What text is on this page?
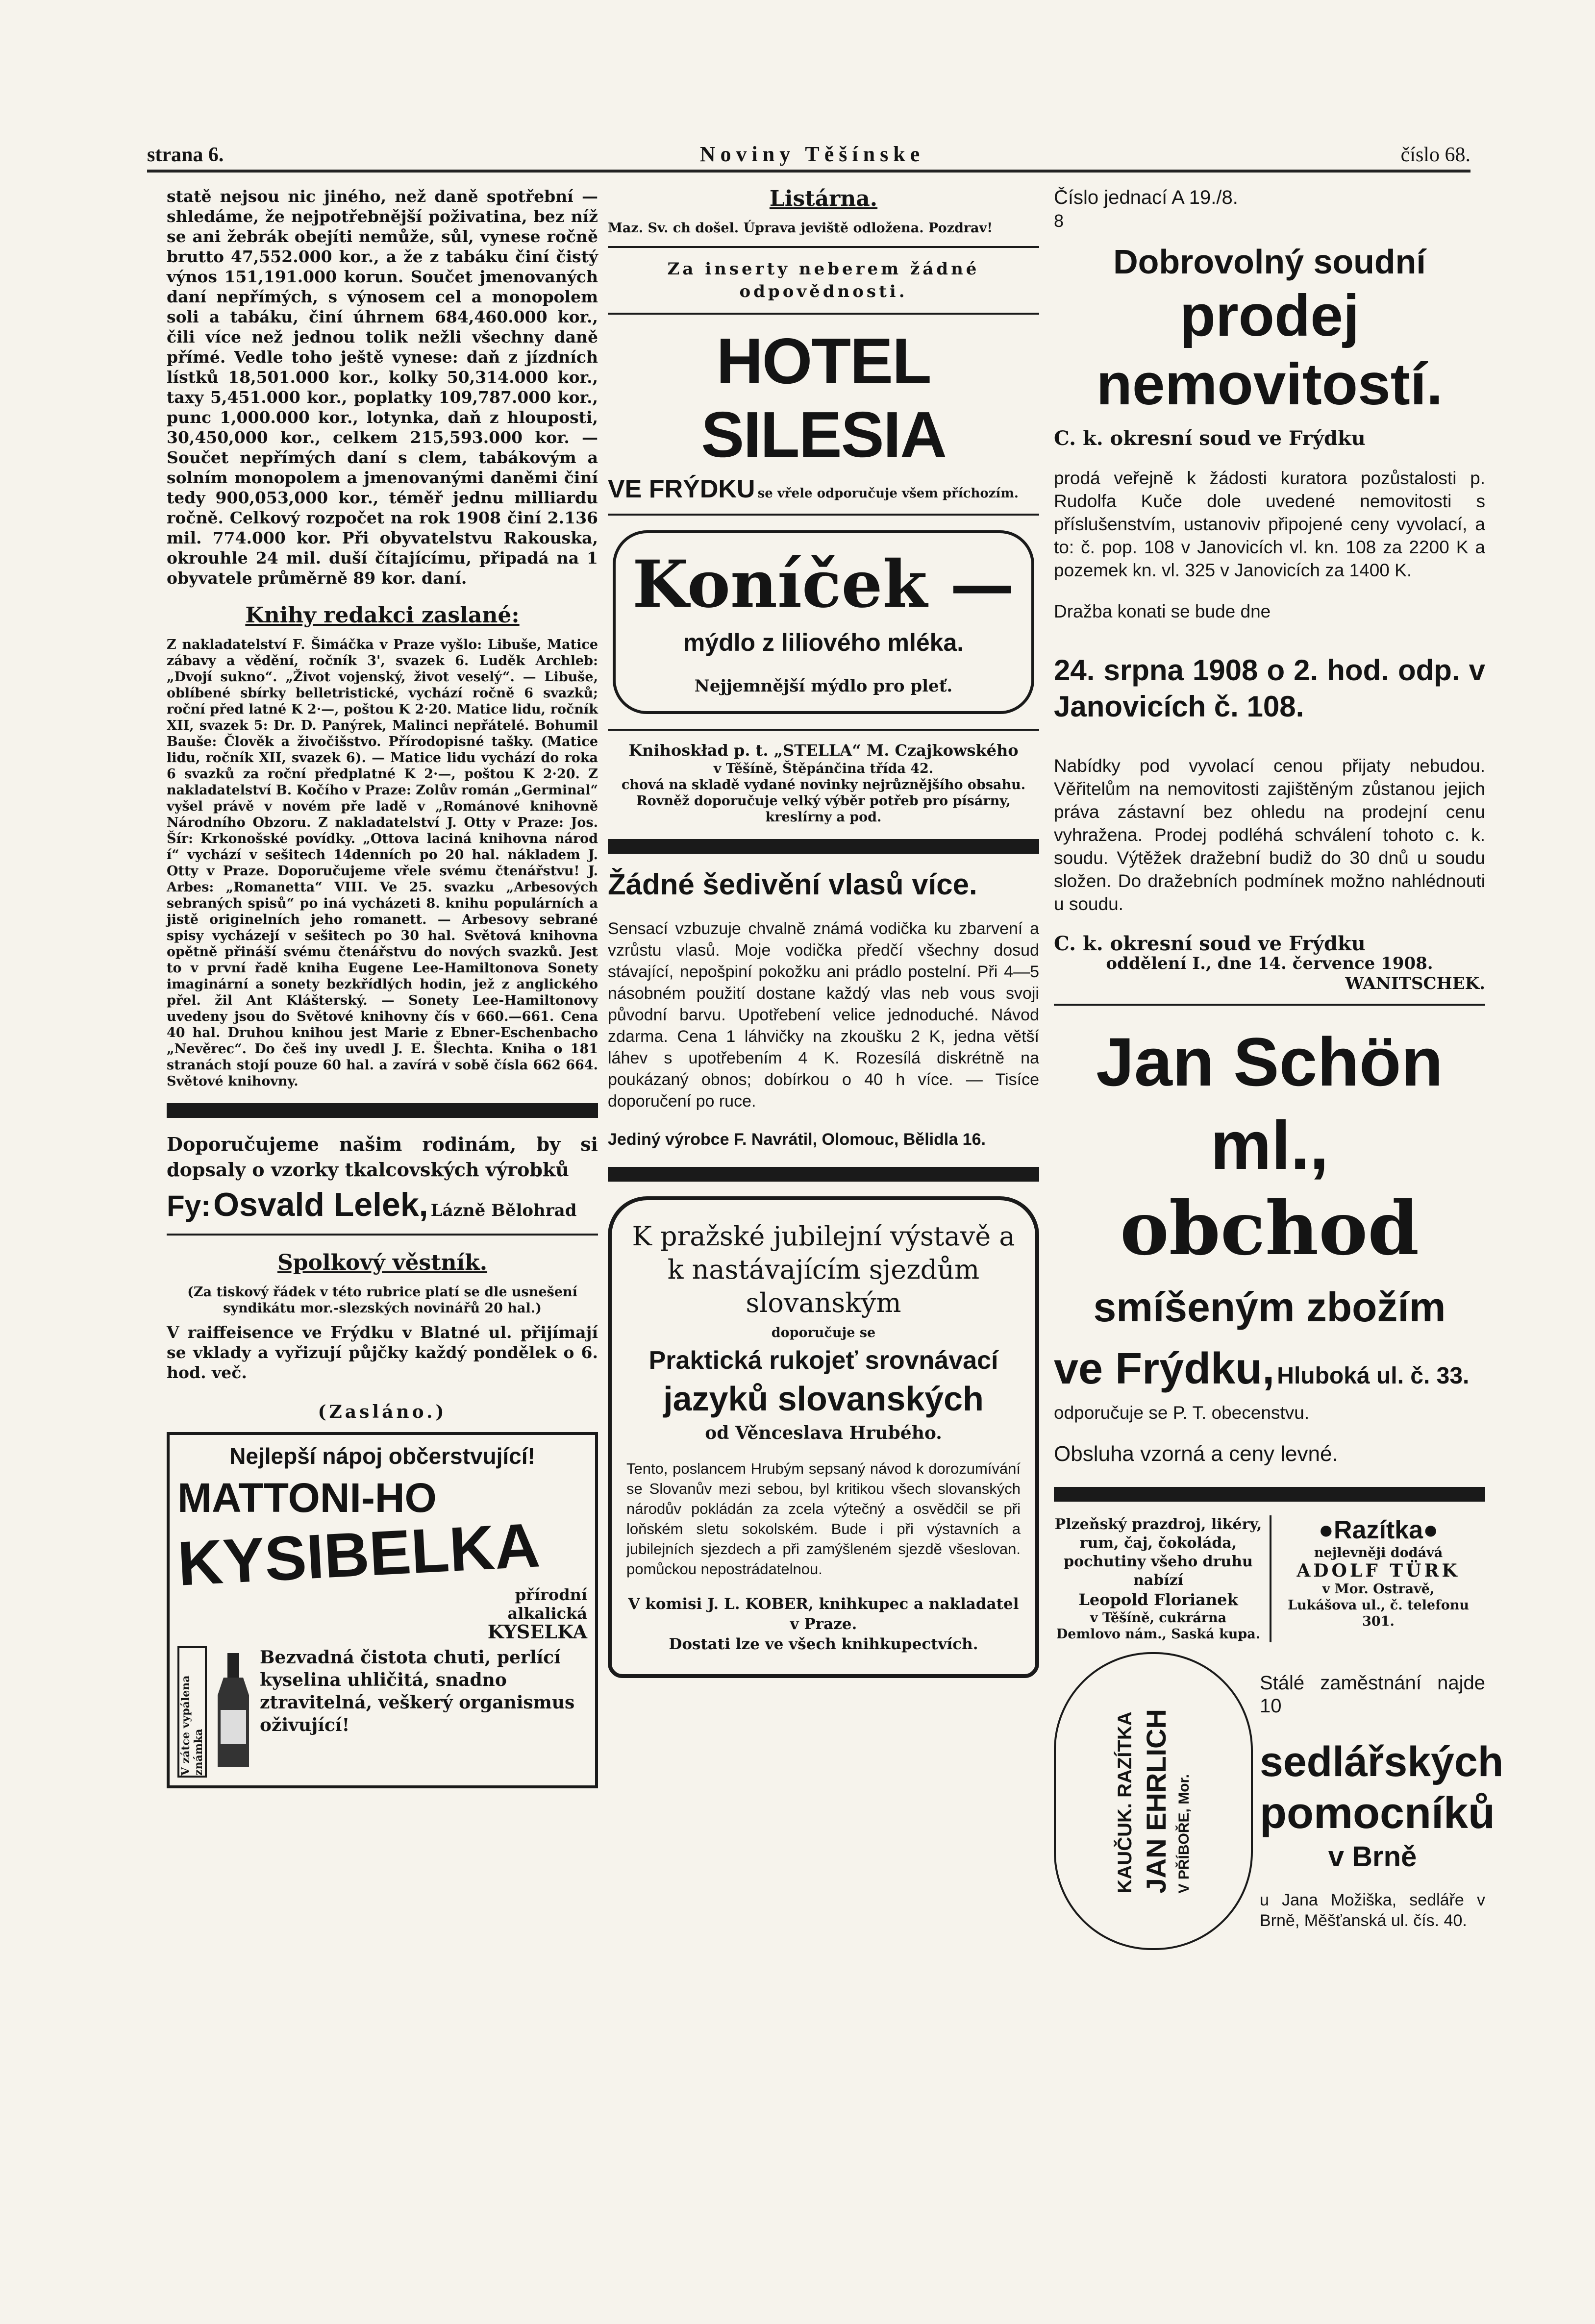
strana 6.	Noviny Těšínske	číslo 68.

statě nejsou nic jiného, než daně spotřební — shledáme, že nejpotřebnější poživatina, bez níž se ani žebrák obejíti nemůže, sůl, vynese ročně brutto 47,552.000 kor., a že z tabáku činí čistý výnos 151,191.000 korun. Součet jmenovaných daní nepřímých, s výnosem cel a monopolem soli a tabáku, činí úhrnem 684,460.000 kor., čili více než jednou tolik nežli všechny daně přímé. Vedle toho ještě vynese: daň z jízdních lístků 18,501.000 kor., kolky 50,314.000 kor., taxy 5,451.000 kor., poplatky 109,787.000 kor., punc 1,000.000 kor., lotynka, daň z hlouposti, 30,450,000 kor., celkem 215,593.000 kor. — Součet nepřímých daní s clem, tabákovým a solním monopolem a jmenovanými daněmi činí tedy 900,053,000 kor., téměř jednu milliardu ročně. Celkový rozpočet na rok 1908 činí 2.136 mil. 774.000 kor. Při obyvatelstvu Rakouska, okrouhle 24 mil. duší čítajícímu, připadá na 1 obyvatele průměrně 89 kor. daní.

Knihy redakci zaslané:

Z nakladatelství F. Šimáčka v Praze vyšlo: Libuše, Matice zábavy a vědění, ročník 3', svazek 6. Luděk Archleb: „Dvojí sukno“. „Život vojenský, život veselý“. — Libuše, oblíbené sbírky belletristické, vychází ročně 6 svazků; roční před latné K 2·—, poštou K 2·20. Matice lidu, ročník XII, svazek 5: Dr. D. Panýrek, Malinci nepřátelé. Bohumil Bauše: Člověk a živočišstvo. Přírodopisné tašky. (Matice lidu, ročník XII, svazek 6). — Matice lidu vychází do roka 6 svazků za roční předplatné K 2·—, poštou K 2·20. Z nakladatelství B. Kočího v Praze: Zolův román „Germinal“ vyšel právě v novém pře ladě v „Románové knihovně Národního Obzoru. Z nakladatelství J. Otty v Praze: Jos. Šír: Krkonošské povídky. „Ottova laciná knihovna národ í“ vychází v sešitech 14denních po 20 hal. nákladem J. Otty v Praze. Doporučujeme vřele svému čtenářstvu! J. Arbes: „Romanetta“ VIII. Ve 25. svazku „Arbesových sebraných spisů“ po iná vycházeti 8. knihu populárních a jistě originelních jeho romanett. — Arbesovy sebrané spisy vycházejí v sešitech po 30 hal. Světová knihovna opětně přináší svému čtenářstvu do nových svazků. Jest to v první řadě kniha Eugene Lee-Hamiltonova Sonety imaginární a sonety bezkřídlých hodin, jež z anglického přel. žil Ant Klášterský. — Sonety Lee-Hamiltonovy uvedeny jsou do Světové knihovny čís v 660.—661. Cena 40 hal. Druhou knihou jest Marie z Ebner-Eschenbacho „Nevěrec“. Do češ iny uvedl J. E. Šlechta. Kniha o 181 stranách stojí pouze 60 hal. a zavírá v sobě čísla 662 664. Světové knihovny.

Doporučujeme našim rodinám, by si dopsaly o vzorky tkalcovských výrobků

Fy: Osvald Lelek, Lázně Bělohrad
Spolkový věstník.

(Za tiskový řádek v této rubrice platí se dle usnešení syndikátu mor.-slezských novinářů 20 hal.)

V raiffeisence ve Frýdku v Blatné ul. přijímají se vklady a vyřizují půjčky každý pondělek o 6. hod. več.

(Zasláno.)
Nejlepší nápoj občerstvující!
MATTONI-HO
KYSIBELKA
přírodní
alkalická
KYSELKA
V zátce vypálena známka

Bezvadná čistota chuti, perlící kyselina uhličitá, snadno ztravitelná, veškerý organismus oživující!

Listárna.

Maz. Sv. ch došel. Úprava jeviště odložena. Pozdrav!

Za inserty neberem žádné odpovědnosti.

HOTEL SILESIA
VE FRÝDKU se vřele odporučuje všem příchozím.
Koníček —
mýdlo z liliového mléka.
Nejjemnější mýdlo pro pleť.

Knihoskład p. t. „STELLA“ M. Czajkowského

v Těšíně, Štěpánčina třída 42.

chová na skladě vydané novinky nejrůznějšího obsahu. Rovněž doporučuje velký výběr potřeb pro písárny, kreslírny a pod.

Žádné šedivění vlasů více.

Sensací vzbuzuje chvalně známá vodička ku zbarvení a vzrůstu vlasů. Moje vodička předčí všechny dosud stávající, nepošpiní pokožku ani prádlo postelní. Při 4—5 násobném použití dostane každý vlas neb vous svoji původní barvu. Upotřebení velice jednoduché. Návod zdarma. Cena 1 láhvičky na zkoušku 2 K, jedna větší láhev s upotřebením 4 K. Rozesílá diskrétně na poukázaný obnos; dobírkou o 40 h více. — Tisíce doporučení po ruce.

Jediný výrobce F. Navrátil, Olomouc, Bělidla 16.

K pražské jubilejní výstavě a k nastávajícím sjezdům slovanským
doporučuje se
Praktická rukojeť srovnávací
jazyků slovanských
od Věnceslava Hrubého.

Tento, poslancem Hrubým sepsaný návod k dorozumívání se Slovanův mezi sebou, byl kritikou všech slovanských národův pokládán za zcela výtečný a osvědčil se při loňském sletu sokolském. Bude i při výstavních a jubilejních sjezdech a při zamýšleném sjezdě všeslovan. pomůckou nepostrádatelnou.

V komisi J. L. KOBER, knihkupec a nakladatel v Praze.

Dostati lze ve všech knihkupectvích.

Číslo jednací A 19./8.
8
Dobrovolný soudní
prodej nemovitostí.

C. k. okresní soud ve Frýdku

prodá veřejně k žádosti kuratora pozůstalosti p. Rudolfa Kuče dole uvedené nemovitosti s příslušenstvím, ustanoviv připojené ceny vyvolací, a to: č. pop. 108 v Janovicích vl. kn. 108 za 2200 K a pozemek kn. vl. 325 v Janovicích za 1400 K.

Dražba konati se bude dne

24. srpna 1908 o 2. hod. odp. v Janovicích č. 108.

Nabídky pod vyvolací cenou přijaty nebudou. Věřitelům na nemovitosti zajištěným zůstanou jejich práva zástavní bez ohledu na prodejní cenu vyhražena. Prodej podléhá schválení tohoto c. k. soudu. Výtěžek dražební budiž do 30 dnů u soudu složen. Do dražebních podmínek možno nahlédnouti u soudu.

C. k. okresní soud ve Frýdku

oddělení I., dne 14. července 1908.

WANITSCHEK.

Jan Schön ml.,
obchod
smíšeným zbožím
ve Frýdku, Hluboká ul. č. 33.

odporučuje se P. T. obecenstvu.

Obsluha vzorná a ceny levné.

Plzeňský prazdroj, likéry, rum, čaj, čokoláda, pochutiny všeho druhu nabízí

Leopold Florianek

v Těšíně, cukrárna

Demlovo nám., Saská kupa.

●Razítka●
nejlevněji dodává
ADOLF TÜRK
v Mor. Ostravě,
Lukášova ul., č. telefonu 301.
KAUČUK. RAZÍTKA JAN EHRLICH V PŘÍBOŘE, Mor.

Stálé zaměstnání najde 10

sedlářských
pomocníků
v Brně

u Jana Možiška, sedláře v Brně, Měšťanská ul. čís. 40.
